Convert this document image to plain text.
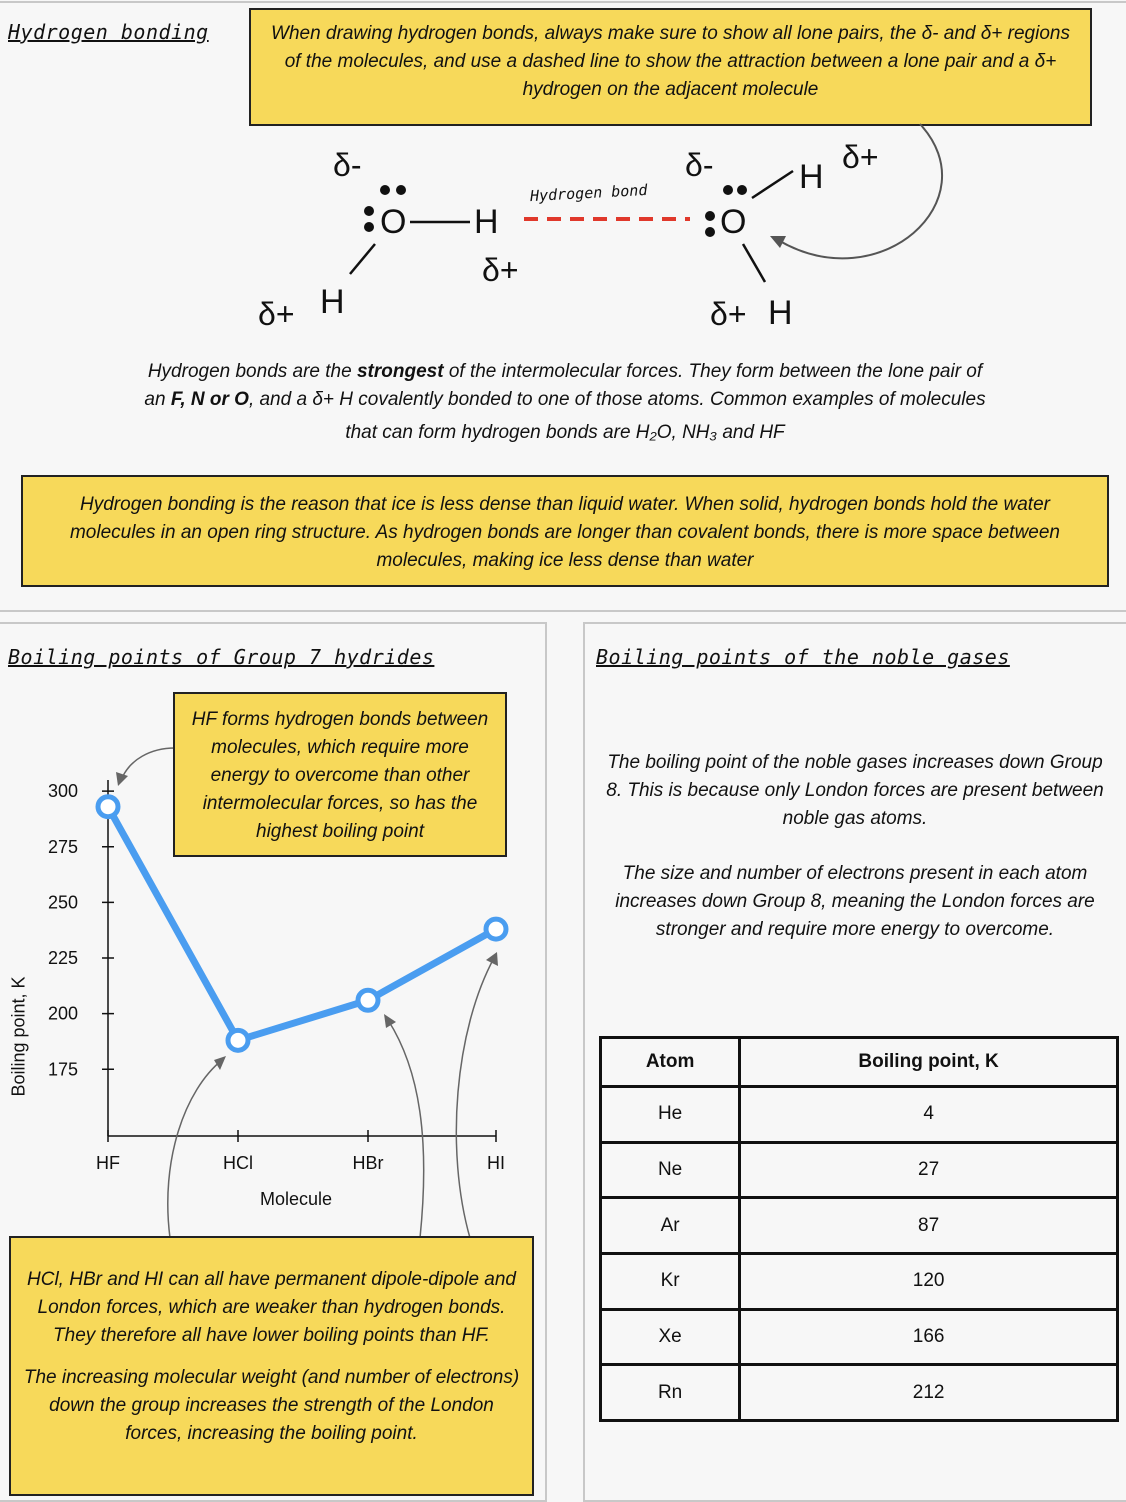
Hydrogen bonding	When drawing hydrogen bonds, always make sure to show all lone pairs, the δ- and δ+ regions of the molecules, and use a dashed line to show the attraction between a lone pair and a δ+ hydrogen on the adjacent molecule
δ-
O H
δ+
δ+ H
Hydrogen bond
δ-
O
H
δ+
δ+ H
Hydrogen bonds are the strongest of the intermolecular forces. They form between the lone pair of
an F, N or O, and a δ+ H covalently bonded to one of those atoms. Common examples of molecules
that can form hydrogen bonds are H₂O, NH₃ and HF
Hydrogen bonding is the reason that ice is less dense than liquid water. When solid, hydrogen bonds hold the water molecules in an open ring structure. As hydrogen bonds are longer than covalent bonds, there is more space between molecules, making ice less dense than water
Boiling points of Group 7 hydrides
175
200
225
250
275
300
HF	HCl	HBr	HI
Boiling point, K
Molecule
HF forms hydrogen bonds between molecules, which require more energy to overcome than other intermolecular forces, so has the highest boiling point
HCl, HBr and HI can all have permanent dipole-dipole and London forces, which are weaker than hydrogen bonds. They therefore all have lower boiling points than HF.
The increasing molecular weight (and number of electrons) down the group increases the strength of the London forces, increasing the boiling point.
Boiling points of the noble gases
The boiling point of the noble gases increases down Group 8. This is because only London forces are present between noble gas atoms.
The size and number of electrons present in each atom increases down Group 8, meaning the London forces are stronger and require more energy to overcome.
Atom	Boiling point, K
He	4
Ne	27
Ar	87
Kr	120
Xe	166
Rn	212
